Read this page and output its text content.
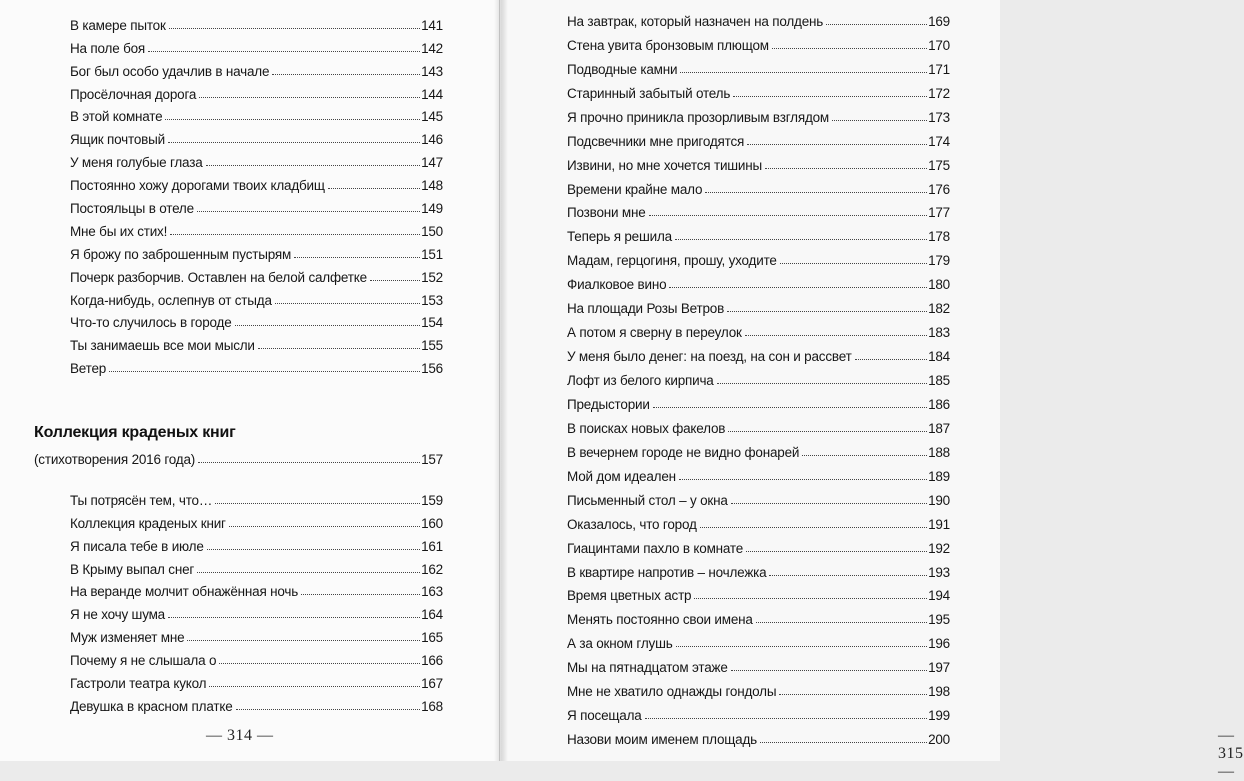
В камере пыток	141
На поле боя	142
Бог был особо удачлив в начале	143
Просёлочная дорога	144
В этой комнате	145
Ящик почтовый	146
У меня голубые глаза	147
Постоянно хожу дорогами твоих кладбищ	148
Постояльцы в отеле	149
Мне бы их стих!	150
Я брожу по заброшенным пустырям	151
Почерк разборчив. Оставлен на белой салфетке	152
Когда-нибудь, ослепнув от стыда	153
Что-то случилось в городе	154
Ты занимаешь все мои мысли	155
Ветер	156
Коллекция краденых книг
(стихотворения 2016 года)	157
Ты потрясён тем, что…	159
Коллекция краденых книг	160
Я писала тебе в июле	161
В Крыму выпал снег	162
На веранде молчит обнажённая ночь	163
Я не хочу шума	164
Муж изменяет мне	165
Почему я не слышала о	166
Гастроли театра кукол	167
Девушка в красном платке	168
— 314 —	— 315 —
На завтрак, который назначен на полдень	169
Стена увита бронзовым плющом	170
Подводные камни	171
Старинный забытый отель	172
Я прочно приникла прозорливым взглядом	173
Подсвечники мне пригодятся	174
Извини, но мне хочется тишины	175
Времени крайне мало	176
Позвони мне	177
Теперь я решила	178
Мадам, герцогиня, прошу, уходите	179
Фиалковое вино	180
На площади Розы Ветров	182
А потом я сверну в переулок	183
У меня было денег: на поезд, на сон и рассвет	184
Лофт из белого кирпича	185
Предыстории	186
В поисках новых факелов	187
В вечернем городе не видно фонарей	188
Мой дом идеален	189
Письменный стол – у окна	190
Оказалось, что город	191
Гиацинтами пахло в комнате	192
В квартире напротив – ночлежка	193
Время цветных астр	194
Менять постоянно свои имена	195
А за окном глушь	196
Мы на пятнадцатом этаже	197
Мне не хватило однажды гондолы	198
Я посещала	199
Назови моим именем площадь	200
